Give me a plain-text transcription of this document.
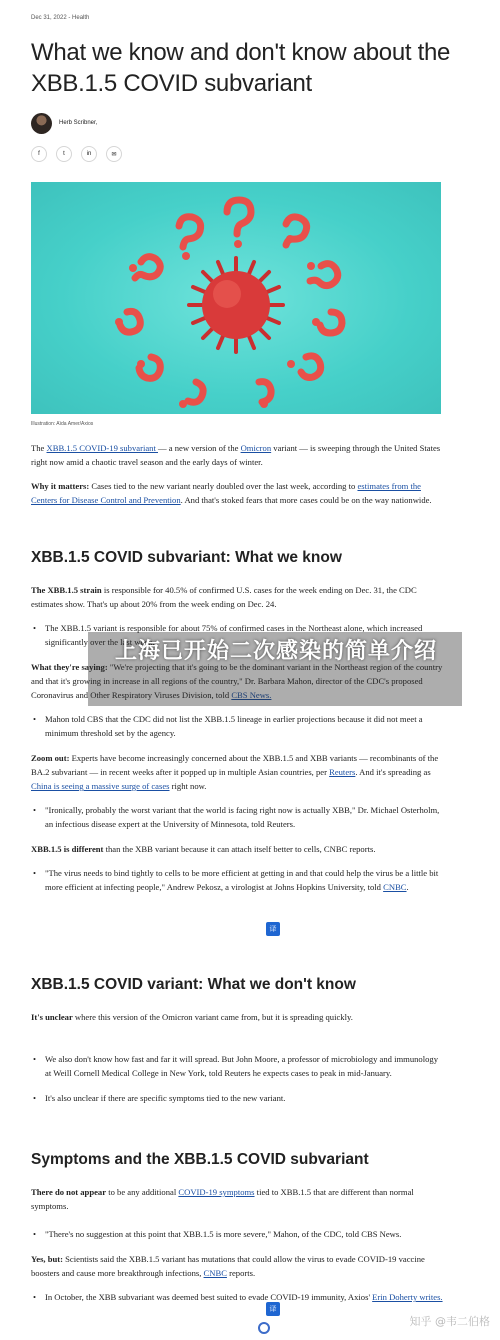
Dec 31, 2022 - Health
What we know and don't know about the XBB.1.5 COVID subvariant
Herb Scribner,
f	t	in	✉
Illustration: Aïda Amer/Axios

The XBB.1.5 COVID-19 subvariant — a new version of the Omicron variant — is sweeping through the United States right now amid a chaotic travel season and the early days of winter.

Why it matters: Cases tied to the new variant nearly doubled over the last week, according to estimates from the Centers for Disease Control and Prevention. And that's stoked fears that more cases could be on the way nationwide.

XBB.1.5 COVID subvariant: What we know

The XBB.1.5 strain is responsible for 40.5% of confirmed U.S. cases for the week ending on Dec. 31, the CDC estimates show. That's up about 20% from the week ending on Dec. 24.

• The XBB.1.5 variant is responsible for about 75% of confirmed cases in the Northeast alone, which increased significantly over the last week.

What they're saying: "We're projecting that it's going to be the dominant variant in the Northeast region of the country and that it's growing in increase in all regions of the country," Dr. Barbara Mahon, director of the CDC's proposed Coronavirus and Other Respiratory Viruses Division, told CBS News.

• Mahon told CBS that the CDC did not list the XBB.1.5 lineage in earlier projections because it did not meet a minimum threshold set by the agency.

Zoom out: Experts have become increasingly concerned about the XBB.1.5 and XBB variants — recombinants of the BA.2 subvariant — in recent weeks after it popped up in multiple Asian countries, per Reuters. And it's spreading as China is seeing a massive surge of cases right now.

• "Ironically, probably the worst variant that the world is facing right now is actually XBB," Dr. Michael Osterholm, an infectious disease expert at the University of Minnesota, told Reuters.

XBB.1.5 is different than the XBB variant because it can attach itself better to cells, CNBC reports.

• "The virus needs to bind tightly to cells to be more efficient at getting in and that could help the virus be a little bit more efficient at infecting people," Andrew Pekosz, a virologist at Johns Hopkins University, told CNBC.
XBB.1.5 COVID variant: What we don't know

It's unclear where this version of the Omicron variant came from, but it is spreading quickly.

• We also don't know how fast and far it will spread. But John Moore, a professor of microbiology and immunology at Weill Cornell Medical College in New York, told Reuters he expects cases to peak in mid-January.
• It's also unclear if there are specific symptoms tied to the new variant.
Symptoms and the XBB.1.5 COVID subvariant

There do not appear to be any additional COVID-19 symptoms tied to XBB.1.5 that are different than normal symptoms.

• "There's no suggestion at this point that XBB.1.5 is more severe," Mahon, of the CDC, told CBS News.

Yes, but: Scientists said the XBB.1.5 variant has mutations that could allow the virus to evade COVID-19 vaccine boosters and cause more breakthrough infections, CNBC reports.

• In October, the XBB subvariant was deemed best suited to evade COVID-19 immunity, Axios' Erin Doherty writes.
上海已开始二次感染的简单介绍
译
译
知乎 @韦二伯格
